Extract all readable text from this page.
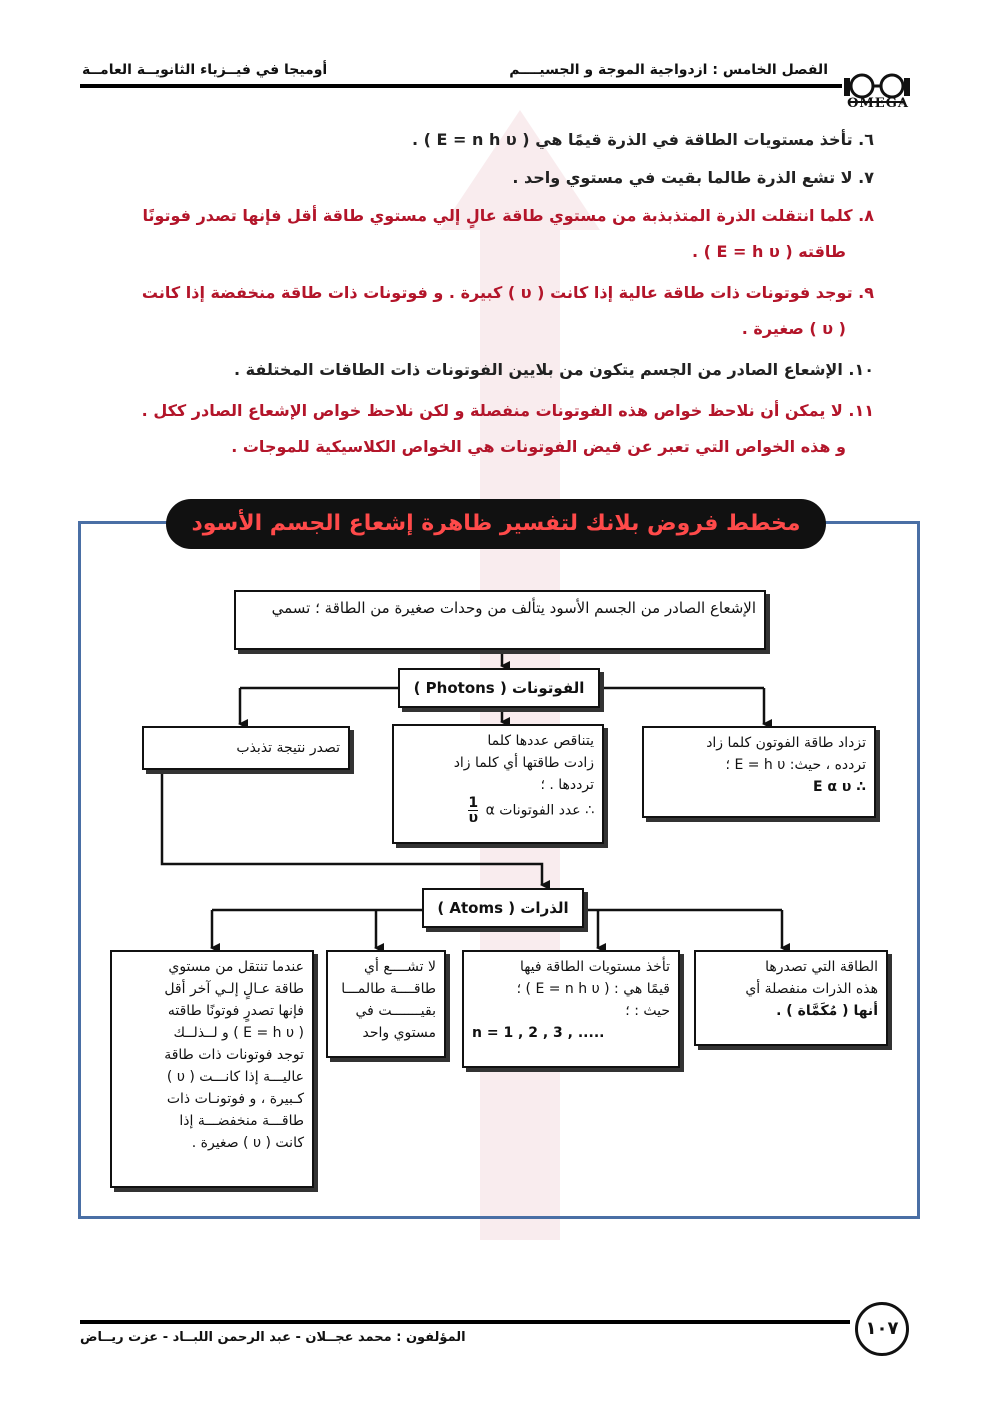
الفصل الخامس : ازدواجية الموجة و الجسيــــم
أوميجا في فيــزياء الثانويــة العامــة
OMEGA
٦. تأخذ مستويات الطاقة في الذرة قيمًا هي ( E = n h υ ) .
٧. لا تشع الذرة طالما بقيت في مستوي واحد .
٨. كلما انتقلت الذرة المتذبذبة من مستوي طاقة عالٍ إلي مستوي طاقة أقل فإنها تصدر فوتونًا
طاقته ( E = h υ ) .
٩. توجد فوتونات ذات طاقة عالية إذا كانت ( υ ) كبيرة . و فوتونات ذات طاقة منخفضة إذا كانت
( υ ) صغيرة .
١٠. الإشعاع الصادر من الجسم يتكون من بلايين الفوتونات ذات الطاقات المختلفة .
١١. لا يمكن أن نلاحظ خواص هذه الفوتونات منفصلة و لكن نلاحظ خواص الإشعاع الصادر ككل .
و هذه الخواص التي تعبر عن فيض الفوتونات هي الخواص الكلاسيكية للموجات .
مخطط فروض بلانك لتفسير ظاهرة إشعاع الجسم الأسود
الإشعاع الصادر من الجسم الأسود يتألف من وحدات صغيرة من الطاقة ؛ تسمي
الفوتونات ( Photons )
تزداد طاقة الفوتون كلما زاد
تردده ، حيث: E = h υ ؛
∴ E α υ
يتناقص عددها كلما
زادت طاقتها أي كلما زاد
ترددها . ؛
∴ عدد الفوتونات α
$\frac{1}{\upsilon}$
تصدر نتيجة تذبذب
الذرات ( Atoms )
الطاقة التي تصدرها
هذه الذرات منفصلة أي
أنها ( مُكَمَّاة ) .
تأخذ مستويات الطاقة فيها
قيمًا هي : ( E = n h υ ) ؛
حيث : ؛
n = 1 , 2 , 3 , .....
لا تشــــع أي
طاقــــة طالمـــا
بقيـــــــت في
مستوي واحد
عندما تنتقل من مستوي
طاقة عـالٍ إلـي آخر أقل
فإنها تصدرٍ فوتونًا طاقته
( E = h υ ) و لــذلــك
توجد فوتونات ذات طاقة
عاليـــة إذا كانـــت ( υ )
كـبيرة ، و فوتونـات ذات
طاقـــة منخفضـــة إذا
كانت ( υ ) صغيرة .
المؤلفون : محمد عجــلان - عبد الرحمن اللبــاد - عزت ريــاض	١٠٧
